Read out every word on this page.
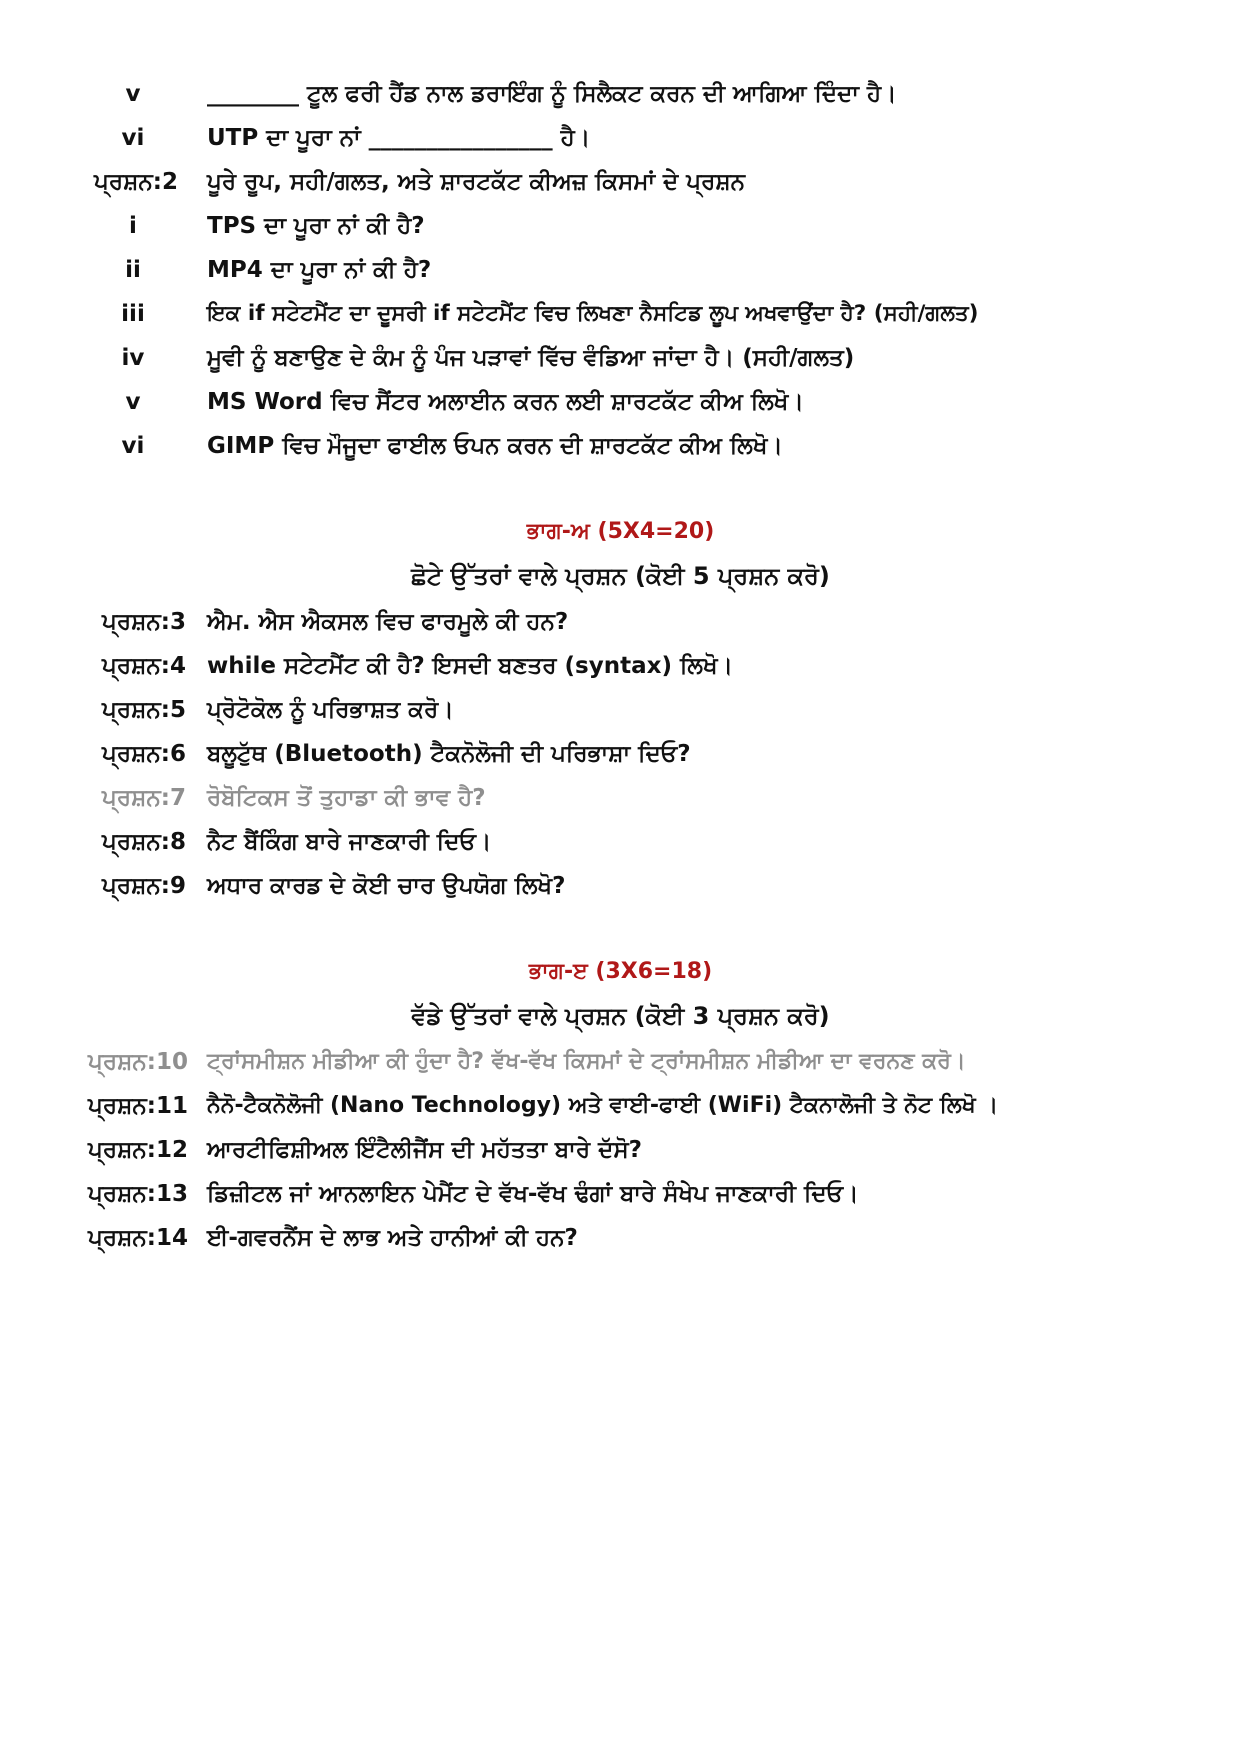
v	________ ਟੂਲ ਫਰੀ ਹੈਂਡ ਨਾਲ ਡਰਾਇੰਗ ਨੂੰ ਸਿਲੈਕਟ ਕਰਨ ਦੀ ਆਗਿਆ ਦਿੰਦਾ ਹੈ।
vi	UTP ਦਾ ਪੂਰਾ ਨਾਂ ________________ ਹੈ।
ਪ੍ਰਸ਼ਨ:2 ਪੂਰੇ ਰੂਪ, ਸਹੀ/ਗਲਤ, ਅਤੇ ਸ਼ਾਰਟਕੱਟ ਕੀਅਜ਼ ਕਿਸਮਾਂ ਦੇ ਪ੍ਰਸ਼ਨ
i	TPS ਦਾ ਪੂਰਾ ਨਾਂ ਕੀ ਹੈ?
ii	MP4 ਦਾ ਪੂਰਾ ਨਾਂ ਕੀ ਹੈ?
iii	ਇਕ if ਸਟੇਟਮੈਂਟ ਦਾ ਦੂਸਰੀ if ਸਟੇਟਮੈਂਟ ਵਿਚ ਲਿਖਣਾ ਨੈਸਟਿਡ ਲੂਪ ਅਖਵਾਉਂਦਾ ਹੈ? (ਸਹੀ/ਗਲਤ)
iv	ਮੂਵੀ ਨੂੰ ਬਣਾਉਣ ਦੇ ਕੰਮ ਨੂੰ ਪੰਜ ਪੜਾਵਾਂ ਵਿੱਚ ਵੰਡਿਆ ਜਾਂਦਾ ਹੈ। (ਸਹੀ/ਗਲਤ)
v	MS Word ਵਿਚ ਸੈਂਟਰ ਅਲਾਈਨ ਕਰਨ ਲਈ ਸ਼ਾਰਟਕੱਟ ਕੀਅ ਲਿਖੋ।
vi	GIMP ਵਿਚ ਮੌਜੂਦਾ ਫਾਈਲ ਓਪਨ ਕਰਨ ਦੀ ਸ਼ਾਰਟਕੱਟ ਕੀਅ ਲਿਖੋ।
ਭਾਗ-ਅ (5X4=20)
ਛੋਟੇ ਉੱਤਰਾਂ ਵਾਲੇ ਪ੍ਰਸ਼ਨ (ਕੋਈ 5 ਪ੍ਰਸ਼ਨ ਕਰੋ)
ਪ੍ਰਸ਼ਨ:3 ਐਮ. ਐਸ ਐਕਸਲ ਵਿਚ ਫਾਰਮੂਲੇ ਕੀ ਹਨ?
ਪ੍ਰਸ਼ਨ:4 while ਸਟੇਟਮੈਂਟ ਕੀ ਹੈ? ਇਸਦੀ ਬਣਤਰ (syntax) ਲਿਖੋ।
ਪ੍ਰਸ਼ਨ:5 ਪ੍ਰੋਟੋਕੋਲ ਨੂੰ ਪਰਿਭਾਸ਼ਤ ਕਰੋ।
ਪ੍ਰਸ਼ਨ:6 ਬਲੂਟੁੱਥ (Bluetooth) ਟੈਕਨੋਲੋਜੀ ਦੀ ਪਰਿਭਾਸ਼ਾ ਦਿਓ?
ਪ੍ਰਸ਼ਨ:7 ਰੋਬੋਟਿਕਸ ਤੋਂ ਤੁਹਾਡਾ ਕੀ ਭਾਵ ਹੈ?
ਪ੍ਰਸ਼ਨ:8 ਨੈਟ ਬੈਂਕਿੰਗ ਬਾਰੇ ਜਾਣਕਾਰੀ ਦਿਓ।
ਪ੍ਰਸ਼ਨ:9 ਅਧਾਰ ਕਾਰਡ ਦੇ ਕੋਈ ਚਾਰ ਉਪਯੋਗ ਲਿਖੋ?
ਭਾਗ-ੲ (3X6=18)
ਵੱਡੇ ਉੱਤਰਾਂ ਵਾਲੇ ਪ੍ਰਸ਼ਨ (ਕੋਈ 3 ਪ੍ਰਸ਼ਨ ਕਰੋ)
ਪ੍ਰਸ਼ਨ:10 ਟ੍ਰਾਂਸਮੀਸ਼ਨ ਮੀਡੀਆ ਕੀ ਹੁੰਦਾ ਹੈ? ਵੱਖ-ਵੱਖ ਕਿਸਮਾਂ ਦੇ ਟ੍ਰਾਂਸਮੀਸ਼ਨ ਮੀਡੀਆ ਦਾ ਵਰਨਣ ਕਰੋ।
ਪ੍ਰਸ਼ਨ:11 ਨੈਨੋ-ਟੈਕਨੋਲੋਜੀ (Nano Technology) ਅਤੇ ਵਾਈ-ਫਾਈ (WiFi) ਟੈਕਨਾਲੋਜੀ ਤੇ ਨੋਟ ਲਿਖੋ ।
ਪ੍ਰਸ਼ਨ:12 ਆਰਟੀਫਿਸ਼ੀਅਲ ਇੰਟੈਲੀਜੈਂਸ ਦੀ ਮਹੱਤਤਾ ਬਾਰੇ ਦੱਸੋ?
ਪ੍ਰਸ਼ਨ:13 ਡਿਜ਼ੀਟਲ ਜਾਂ ਆਨਲਾਇਨ ਪੇਮੈਂਟ ਦੇ ਵੱਖ-ਵੱਖ ਢੰਗਾਂ ਬਾਰੇ ਸੰਖੇਪ ਜਾਣਕਾਰੀ ਦਿਓ।
ਪ੍ਰਸ਼ਨ:14 ਈ-ਗਵਰਨੈਂਸ ਦੇ ਲਾਭ ਅਤੇ ਹਾਨੀਆਂ ਕੀ ਹਨ?
